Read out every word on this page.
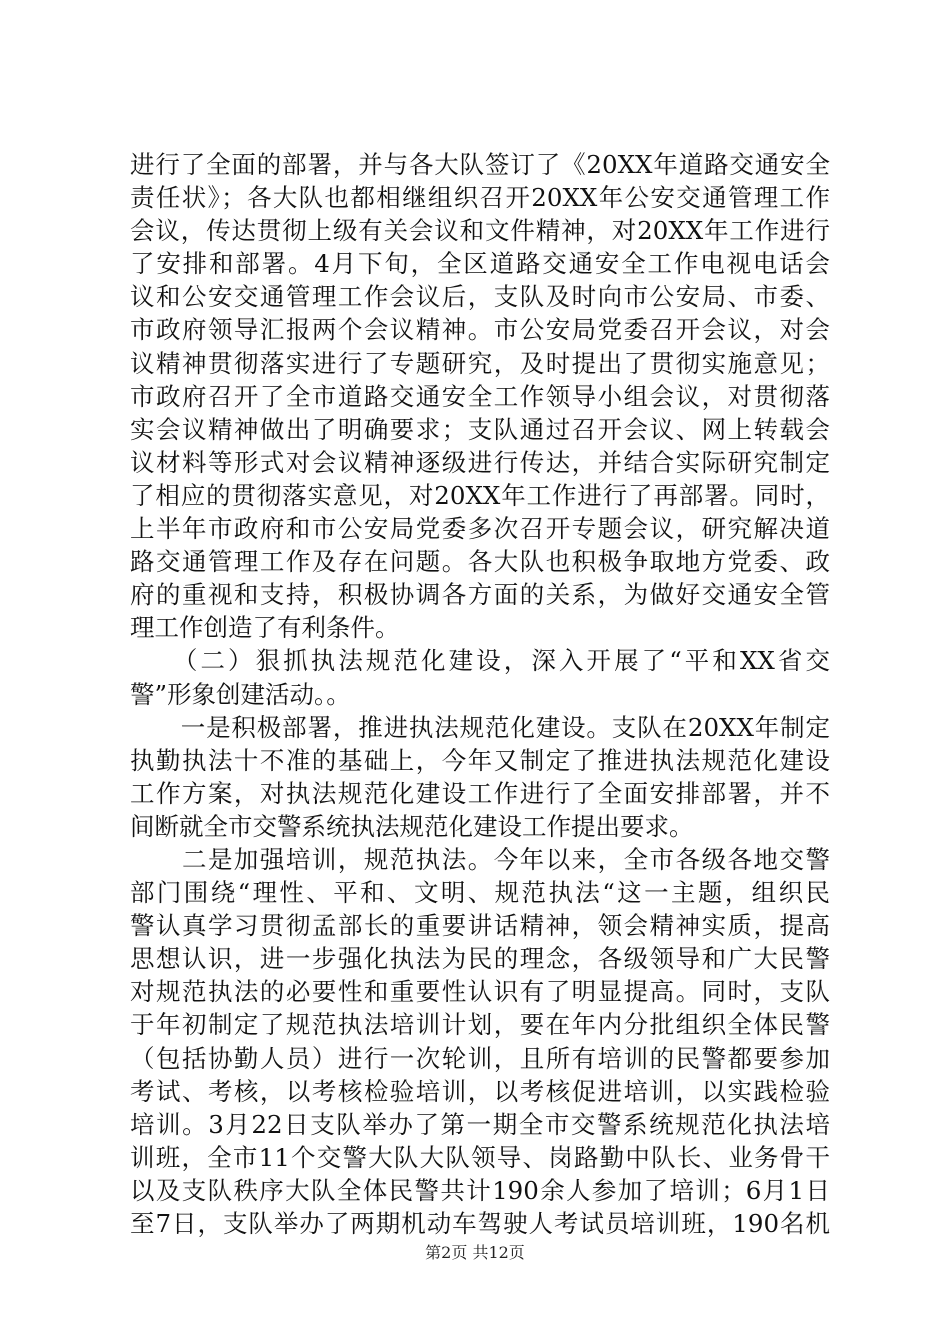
进行了全面的部署，并与各大队签订了《20XX年道路交通安全
责任状》；各大队也都相继组织召开20XX年公安交通管理工作
会议，传达贯彻上级有关会议和文件精神，对20XX年工作进行
了安排和部署。4月下旬，全区道路交通安全工作电视电话会
议和公安交通管理工作会议后，支队及时向市公安局、市委、
市政府领导汇报两个会议精神。市公安局党委召开会议，对会
议精神贯彻落实进行了专题研究，及时提出了贯彻实施意见；
市政府召开了全市道路交通安全工作领导小组会议，对贯彻落
实会议精神做出了明确要求；支队通过召开会议、网上转载会
议材料等形式对会议精神逐级进行传达，并结合实际研究制定
了相应的贯彻落实意见，对20XX年工作进行了再部署。同时，
上半年市政府和市公安局党委多次召开专题会议，研究解决道
路交通管理工作及存在问题。各大队也积极争取地方党委、政
府的重视和支持，积极协调各方面的关系，为做好交通安全管
理工作创造了有利条件。
　　（二）狠抓执法规范化建设，深入开展了“平和XX省交
警”形象创建活动。。
　　一是积极部署，推进执法规范化建设。支队在20XX年制定
执勤执法十不准的基础上，今年又制定了推进执法规范化建设
工作方案，对执法规范化建设工作进行了全面安排部署，并不
间断就全市交警系统执法规范化建设工作提出要求。
　　二是加强培训，规范执法。今年以来，全市各级各地交警
部门围绕“理性、平和、文明、规范执法“这一主题，组织民
警认真学习贯彻孟部长的重要讲话精神，领会精神实质，提高
思想认识，进一步强化执法为民的理念，各级领导和广大民警
对规范执法的必要性和重要性认识有了明显提高。同时，支队
于年初制定了规范执法培训计划，要在年内分批组织全体民警
（包括协勤人员）进行一次轮训，且所有培训的民警都要参加
考试、考核，以考核检验培训，以考核促进培训，以实践检验
培训。3月22日支队举办了第一期全市交警系统规范化执法培
训班，全市11个交警大队大队领导、岗路勤中队长、业务骨干
以及支队秩序大队全体民警共计190余人参加了培训；6月1日
至7日，支队举办了两期机动车驾驶人考试员培训班，190名机
第2页 共12页
